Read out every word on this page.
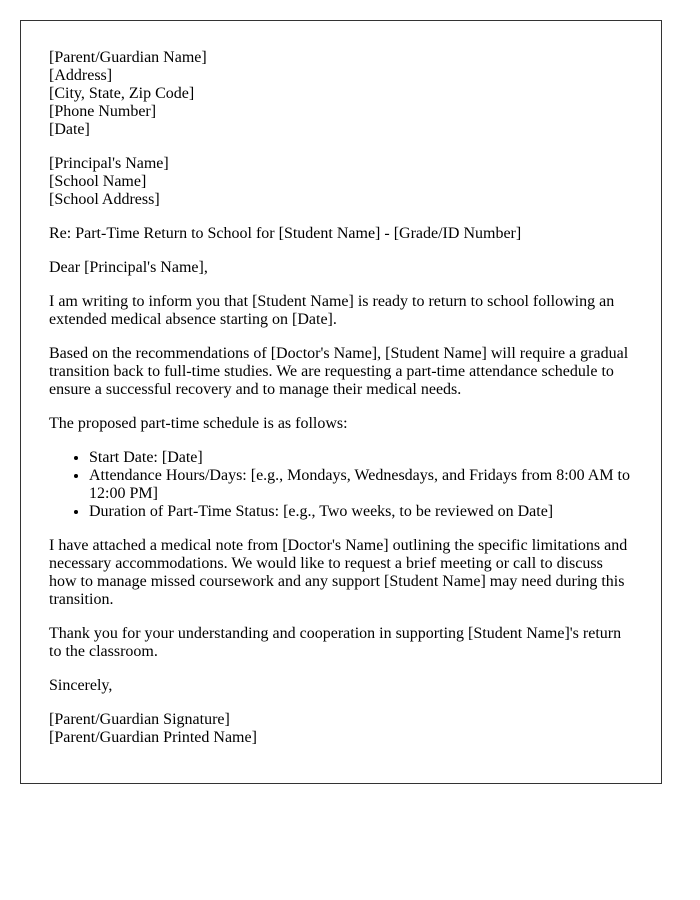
[Parent/Guardian Name]
[Address]
[City, State, Zip Code]
[Phone Number]
[Date]
[Principal's Name]
[School Name]
[School Address]

Re: Part-Time Return to School for [Student Name] - [Grade/ID Number]

Dear [Principal's Name],

I am writing to inform you that [Student Name] is ready to return to school following an extended medical absence starting on [Date].

Based on the recommendations of [Doctor's Name], [Student Name] will require a gradual transition back to full-time studies. We are requesting a part-time attendance schedule to ensure a successful recovery and to manage their medical needs.

The proposed part-time schedule is as follows:

• Start Date: [Date]
• Attendance Hours/Days: [e.g., Mondays, Wednesdays, and Fridays from 8:00 AM to 12:00 PM]
• Duration of Part-Time Status: [e.g., Two weeks, to be reviewed on Date]

I have attached a medical note from [Doctor's Name] outlining the specific limitations and necessary accommodations. We would like to request a brief meeting or call to discuss how to manage missed coursework and any support [Student Name] may need during this transition.

Thank you for your understanding and cooperation in supporting [Student Name]'s return to the classroom.

Sincerely,

[Parent/Guardian Signature]
[Parent/Guardian Printed Name]
